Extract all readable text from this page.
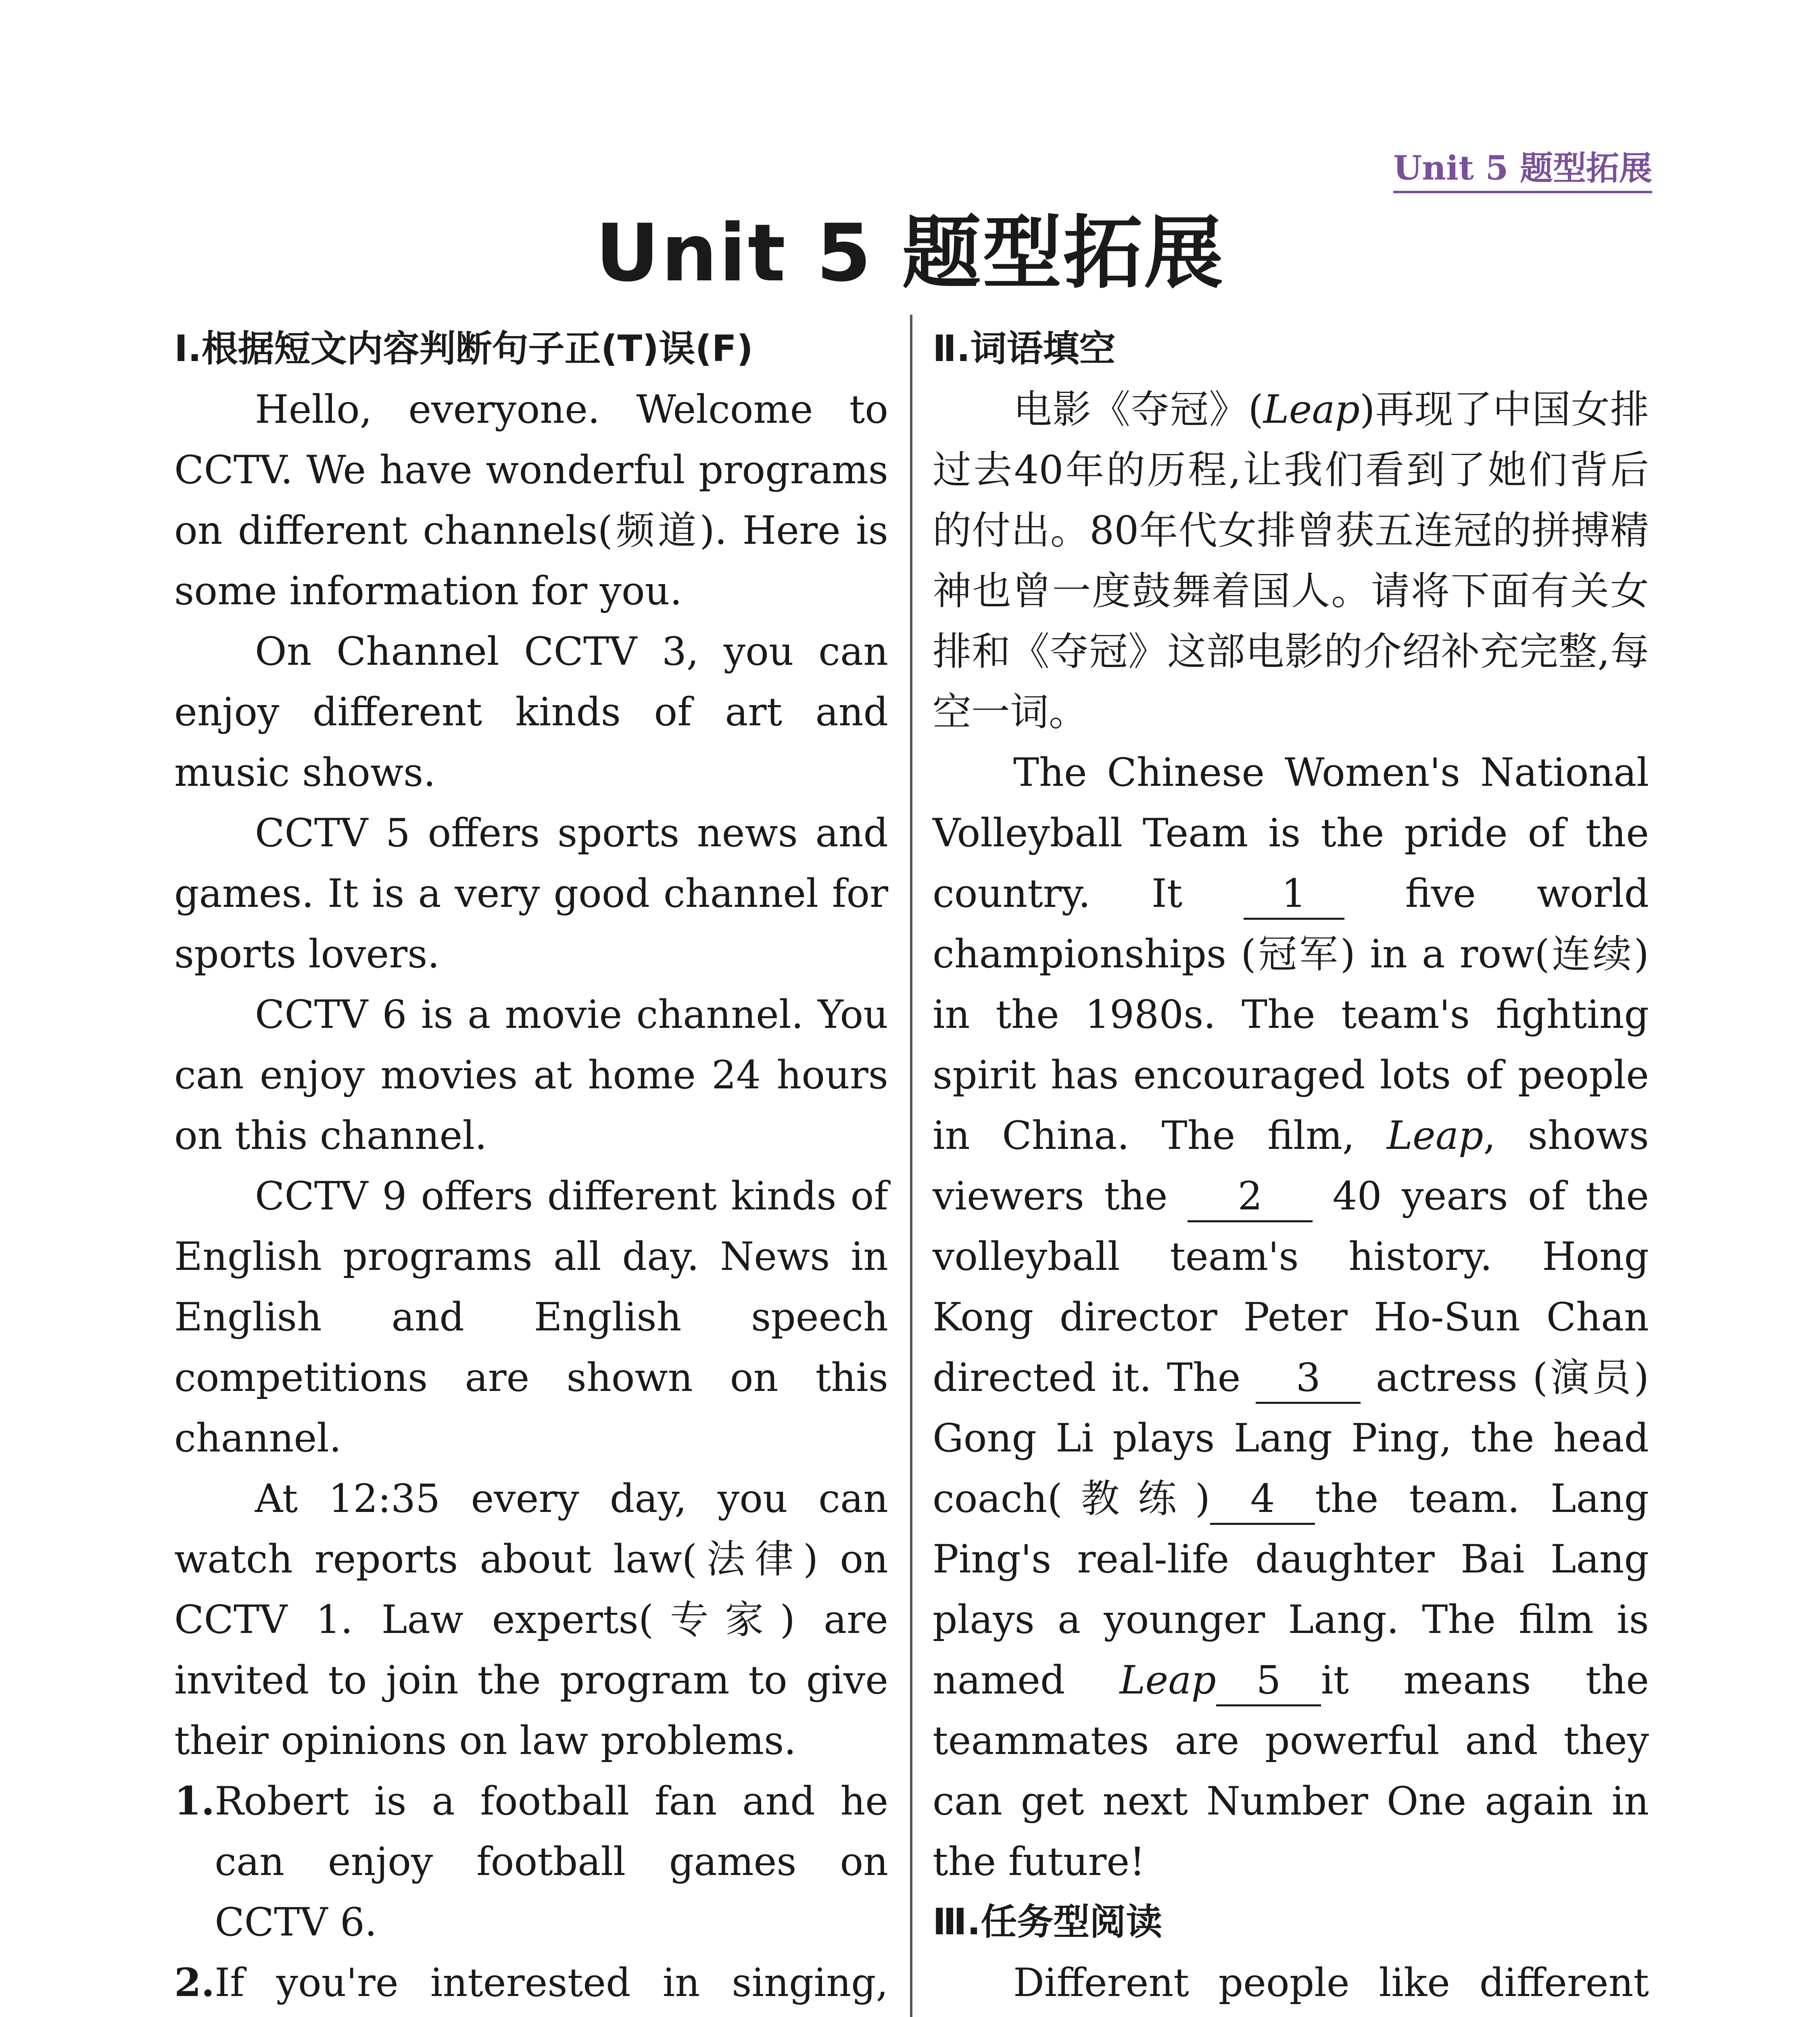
Unit 5 题型拓展
Unit 5 题型拓展
Ⅰ.根据短文内容判断句子正(T)误(F)

Hello, everyone. Welcome to CCTV. We have wonderful programs on different channels(频道). Here is some information for you.

On Channel CCTV 3, you can enjoy different kinds of art and music shows.

CCTV 5 offers sports news and games. It is a very good channel for sports lovers.

CCTV 6 is a movie channel. You can enjoy movies at home 24 hours on this channel.

CCTV 9 offers different kinds of English programs all day. News in English and English speech competitions are shown on this channel.

At 12:35 every day, you can watch reports about law(法律) on CCTV 1. Law experts(专家) are invited to join the program to give their opinions on law problems.

1. Robert is a football fan and he can enjoy football games on CCTV 6.
2. If you're interested in singing,
Ⅱ.词语填空

电影《夺冠》(Leap)再现了中国女排过去40年的历程,让我们看到了她们背后的付出。80年代女排曾获五连冠的拼搏精神也曾一度鼓舞着国人。请将下面有关女排和《夺冠》这部电影的介绍补充完整,每空一词。

The Chinese Women's National Volleyball Team is the pride of the country. It	1	five world championships (冠军) in a row(连续) in the 1980s. The team's fighting spirit has encouraged lots of people in China. The film, Leap, shows viewers the 2 40 years of the volleyball team's history. Hong Kong director Peter Ho-Sun Chan directed it. The 3 actress (演员) Gong Li plays Lang Ping, the head coach(教练) 4 the team. Lang Ping's real-life daughter Bai Lang plays a younger Lang. The film is named Leap 5 it means the teammates are powerful and they can get next Number One again in the future!

Ⅲ.任务型阅读

Different people like different
